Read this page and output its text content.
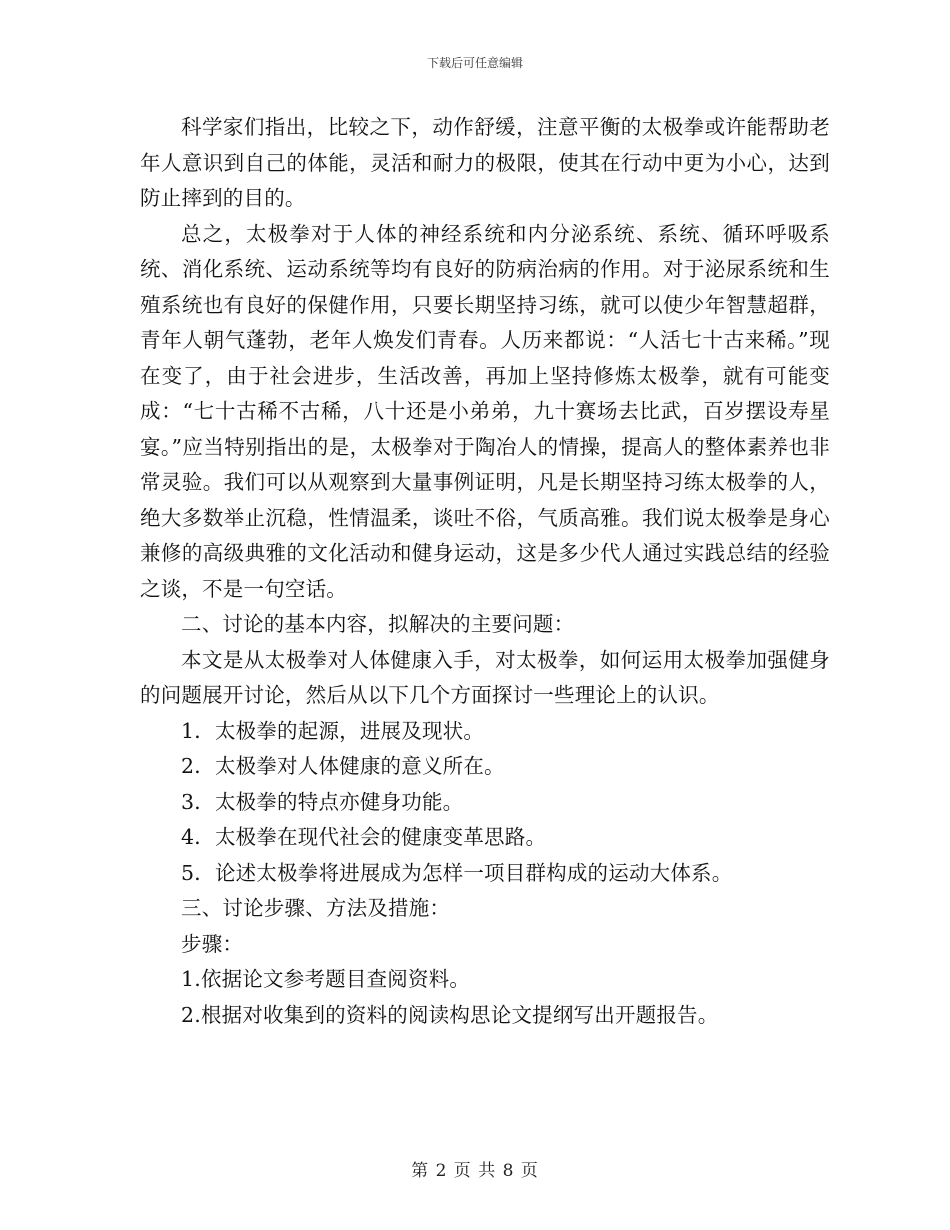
下载后可任意编辑

科学家们指出，比较之下，动作舒缓，注意平衡的太极拳或许能帮助老年人意识到自己的体能，灵活和耐力的极限，使其在行动中更为小心，达到防止摔到的目的。

总之，太极拳对于人体的神经系统和内分泌系统、系统、循环呼吸系统、消化系统、运动系统等均有良好的防病治病的作用。对于泌尿系统和生殖系统也有良好的保健作用，只要长期坚持习练，就可以使少年智慧超群，青年人朝气蓬勃，老年人焕发们青春。人历来都说：“人活七十古来稀。”现在变了，由于社会进步，生活改善，再加上坚持修炼太极拳，就有可能变成：“七十古稀不古稀，八十还是小弟弟，九十赛场去比武，百岁摆设寿星宴。”应当特别指出的是，太极拳对于陶冶人的情操，提高人的整体素养也非常灵验。我们可以从观察到大量事例证明，凡是长期坚持习练太极拳的人，绝大多数举止沉稳，性情温柔，谈吐不俗，气质高雅。我们说太极拳是身心兼修的高级典雅的文化活动和健身运动，这是多少代人通过实践总结的经验之谈，不是一句空话。

二、讨论的基本内容，拟解决的主要问题：

本文是从太极拳对人体健康入手，对太极拳，如何运用太极拳加强健身的问题展开讨论，然后从以下几个方面探讨一些理论上的认识。

1．太极拳的起源，进展及现状。

2．太极拳对人体健康的意义所在。

3．太极拳的特点亦健身功能。

4．太极拳在现代社会的健康变革思路。

5．论述太极拳将进展成为怎样一项目群构成的运动大体系。

三、讨论步骤、方法及措施：

步骤：

1.依据论文参考题目查阅资料。

2.根据对收集到的资料的阅读构思论文提纲写出开题报告。

第 2 页 共 8 页
